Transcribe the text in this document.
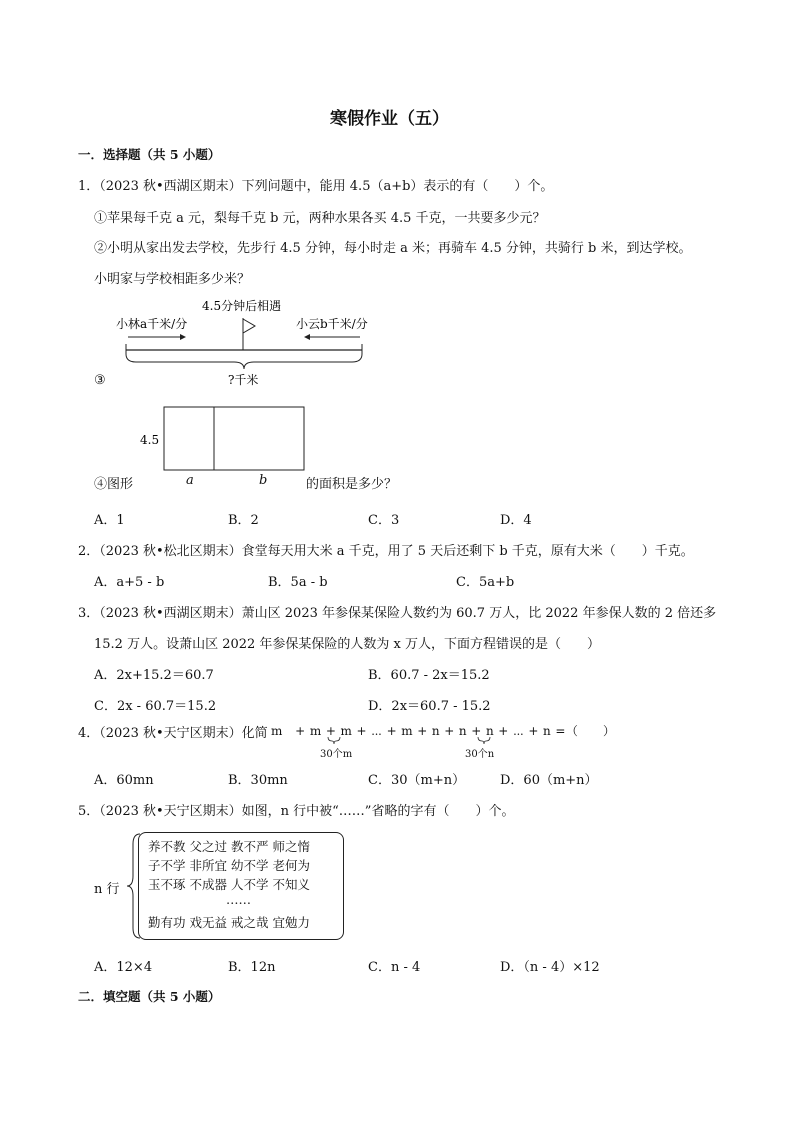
寒假作业（五）
一．选择题（共 5 小题）
1．（2023 秋•西湖区期末）下列问题中，能用 4.5（a+b）表示的有（　　）个。
①苹果每千克 a 元，梨每千克 b 元，两种水果各买 4.5 千克，一共要多少元？
②小明从家出发去学校，先步行 4.5 分钟，每小时走 a 米；再骑车 4.5 分钟，共骑行 b 米，到达学校。
小明家与学校相距多少米？
4.5分钟后相遇
小林a千米/分	小云b千米/分
?千米
③
4.5
④图形	a	b	的面积是多少？
A．1	B．2	C．3	D．4
2．（2023 秋•松北区期末）食堂每天用大米 a 千克，用了 5 天后还剩下 b 千克，原有大米（　　）千克。
A．a+5 - b	B．5a - b	C．5a+b
3．（2023 秋•西湖区期末）萧山区 2023 年参保某保险人数约为 60.7 万人，比 2022 年参保人数的 2 倍还多
15.2 万人。设萧山区 2022 年参保某保险的人数为 x 万人，下面方程错误的是（　　）
A．2x+15.2＝60.7	B．60.7 - 2x＝15.2
C．2x - 60.7＝15.2	D．2x＝60.7 - 15.2
4．（2023 秋•天宁区期末）化简 m　+ m + m + ⋯ + m + n + n + n + ⋯ + n =（　　）
30个m	30个n
A．60mn	B．30mn	C．30（m+n）	D．60（m+n）
5．（2023 秋•天宁区期末）如图，n 行中被“……”省略的字有（　　）个。
n 行
养不教 父之过 教不严 师之惰
子不学 非所宜 幼不学 老何为
玉不琢 不成器 人不学 不知义
……
勤有功 戏无益 戒之哉 宜勉力
A．12×4	B．12n	C．n - 4	D．（n - 4）×12
二．填空题（共 5 小题）
